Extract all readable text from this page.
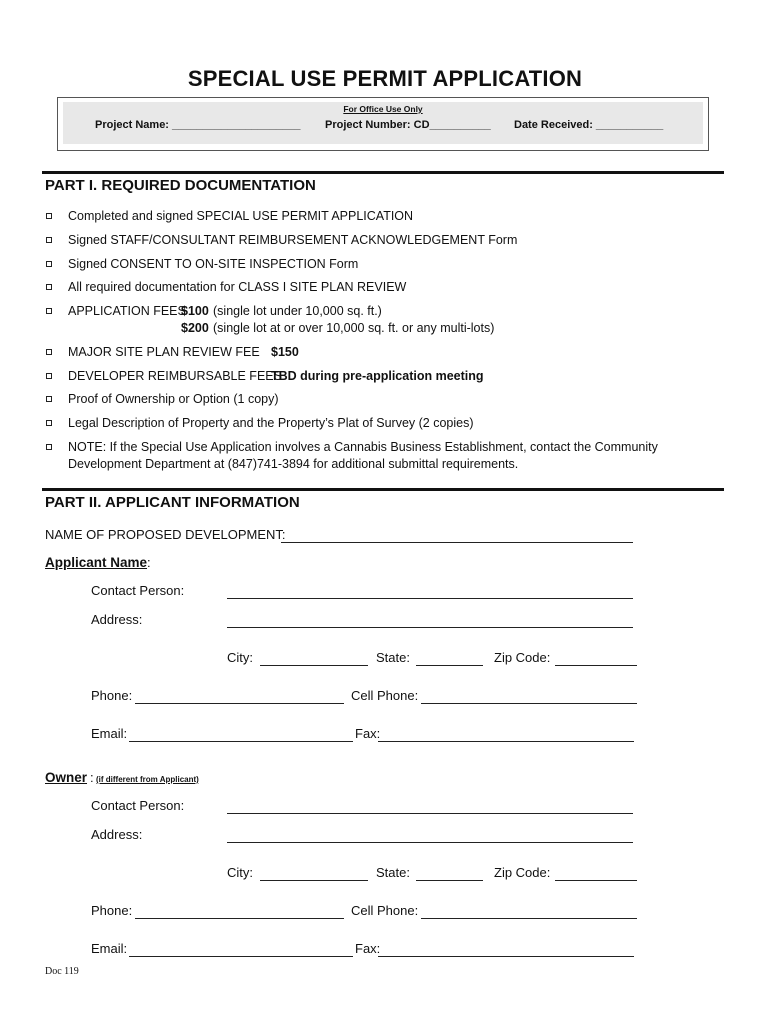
SPECIAL USE PERMIT APPLICATION
For Office Use Only
Project Name: _____________________ Project Number: CD__________ Date Received: ___________
PART I. REQUIRED DOCUMENTATION
Completed and signed SPECIAL USE PERMIT APPLICATION
Signed STAFF/CONSULTANT REIMBURSEMENT ACKNOWLEDGEMENT Form
Signed CONSENT TO ON-SITE INSPECTION Form
All required documentation for CLASS I SITE PLAN REVIEW
APPLICATION FEES
$100 (single lot under 10,000 sq. ft.)
$200 (single lot at or over 10,000 sq. ft. or any multi-lots)
MAJOR SITE PLAN REVIEW FEE $150
DEVELOPER REIMBURSABLE FEES
TBD during pre-application meeting
Proof of Ownership or Option (1 copy)
Legal Description of Property and the Property’s Plat of Survey (2 copies)
NOTE: If the Special Use Application involves a Cannabis Business Establishment, contact the Community
Development Department at (847)741-3894 for additional submittal requirements.
PART II. APPLICANT INFORMATION
NAME OF PROPOSED DEVELOPMENT:
Applicant Name :
Contact Person:
Address:
City:	State:	Zip Code:
Phone:	Cell Phone:
Email:	Fax:
Owner : (if different from Applicant)
Contact Person:
Address:
City:	State:	Zip Code:
Phone:	Cell Phone:
Email:	Fax:
Doc 119
